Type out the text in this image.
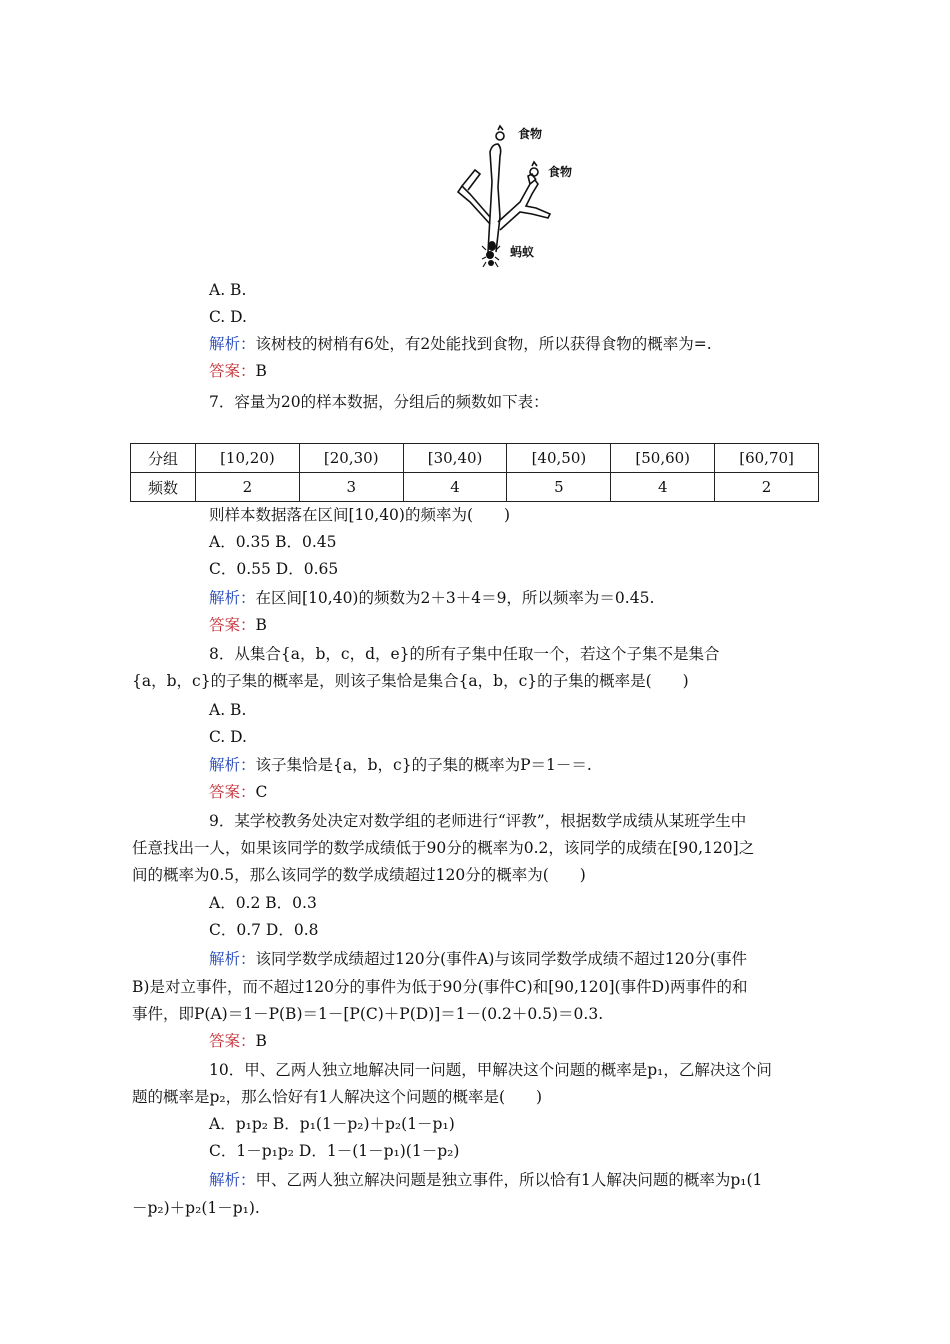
食物
食物
蚂蚁
A. B.
C. D.
解析：该树枝的树梢有6处，有2处能找到食物，所以获得食物的概率为=.
答案：B
7．容量为20的样本数据，分组后的频数如下表：
分组	[10,20)	[20,30)	[30,40)	[40,50)	[50,60)	[60,70]
频数	2	3	4	5	4	2
则样本数据落在区间[10,40)的频率为(　　)
A．0.35 B．0.45
C．0.55 D．0.65
解析：在区间[10,40)的频数为2＋3＋4＝9，所以频率为＝0.45.
答案：B
8．从集合{a，b，c，d，e}的所有子集中任取一个，若这个子集不是集合
{a，b，c}的子集的概率是，则该子集恰是集合{a，b，c}的子集的概率是(　　)
A. B.
C. D.
解析：该子集恰是{a，b，c}的子集的概率为P＝1－＝.
答案：C
9．某学校教务处决定对数学组的老师进行“评教”，根据数学成绩从某班学生中
任意找出一人，如果该同学的数学成绩低于90分的概率为0.2，该同学的成绩在[90,120]之
间的概率为0.5，那么该同学的数学成绩超过120分的概率为(　　)
A．0.2 B．0.3
C．0.7 D．0.8
解析：该同学数学成绩超过120分(事件A)与该同学数学成绩不超过120分(事件
B)是对立事件，而不超过120分的事件为低于90分(事件C)和[90,120](事件D)两事件的和
事件，即P(A)＝1－P(B)＝1－[P(C)＋P(D)]＝1－(0.2＋0.5)＝0.3.
答案：B
10．甲、乙两人独立地解决同一问题，甲解决这个问题的概率是p₁，乙解决这个问
题的概率是p₂，那么恰好有1人解决这个问题的概率是(　　)
A．p₁p₂ B．p₁(1－p₂)＋p₂(1－p₁)
C．1－p₁p₂ D．1－(1－p₁)(1－p₂)
解析：甲、乙两人独立解决问题是独立事件，所以恰有1人解决问题的概率为p₁(1
－p₂)＋p₂(1－p₁).
